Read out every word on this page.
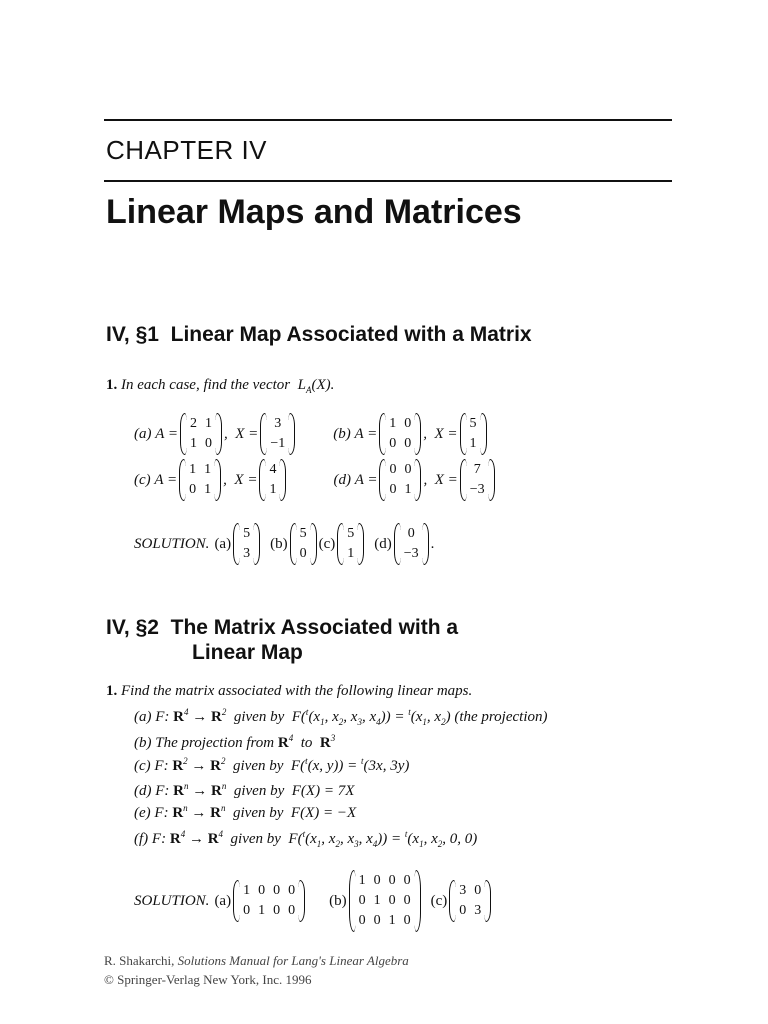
CHAPTER IV
Linear Maps and Matrices
IV, §1  Linear Map Associated with a Matrix
1. In each case, find the vector  $L_A(X)$.
(a) A =
2 1
1 0
,  X =
3
−1
(b) A =
1 0
0 0
,  X =
5
1
(c) A =
1 1
0 1
,  X =
4
1
(d) A =
0 0
0 1
,  X =
7
−3
SOLUTION. (a)
5
3
(b)
5
0
(c)
5
1
(d)
0
−3
.
IV, §2  The Matrix Associated with a
Linear Map
1. Find the matrix associated with the following linear maps.
(a) F: $R^4 \to R^2$  given by  $F(^t(x_1$, $x_2$, $x_3$, $x_4)) = ^t(x_1$, $x_2$) (the projection)
(b) The projection from $R^4$  to  $R^3$
(c) F: $R^2 \to R^2$  given by  F($^t$(x, y)) = $^t$(3x, 3y)
(d) F: $R^n \to R^n$  given by  F(X) = 7X
(e) F: $R^n \to R^n$  given by  F(X) = −X
(f) F: $R^4 \to R^4$  given by  $F(^t(x_1$, $x_2$, $x_3$, $x_4)) = ^t(x_1$, $x_2$, 0, 0)
SOLUTION. (a)
1 0 0 0
0 1 0 0
(b)
1 0 0 0
0 1 0 0
0 0 1 0
(c)
3 0
0 3
R. Shakarchi, Solutions Manual for Lang's Linear Algebra
© Springer-Verlag New York, Inc. 1996
